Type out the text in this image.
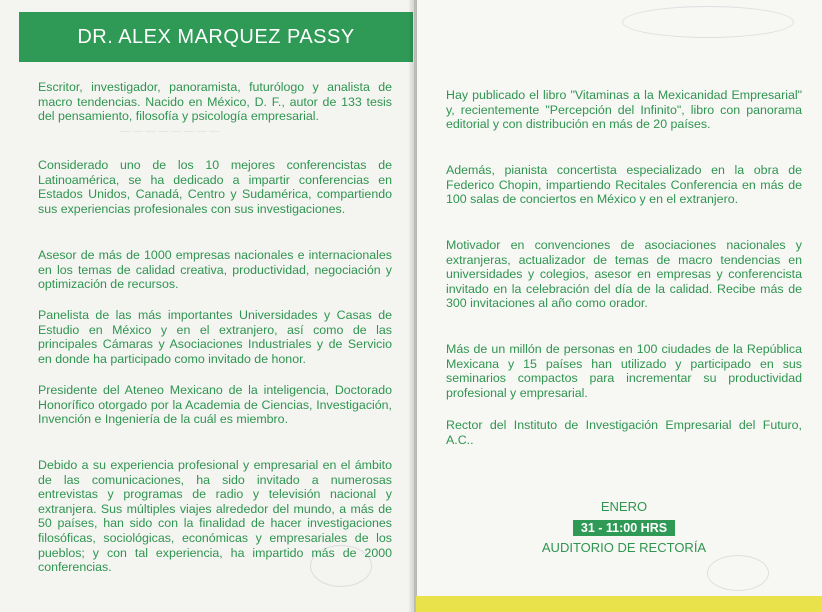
DR. ALEX MARQUEZ PASSY
— — — — — — — —

Escritor, investigador, panoramista, futurólogo y analista de macro tendencias. Nacido en México, D. F., autor de 133 tesis del pensamiento, filosofía y psicología empresarial.

Considerado uno de los 10 mejores conferencistas de Latinoamérica, se ha dedicado a impartir conferencias en Estados Unidos, Canadá, Centro y Sudamérica, compartiendo sus experiencias profesionales con sus investigaciones.

Asesor de más de 1000 empresas nacionales e internacionales en los temas de calidad creativa, productividad, negociación y optimización de recursos.

Panelista de las más importantes Universidades y Casas de Estudio en México y en el extranjero, así como de las principales Cámaras y Asociaciones Industriales y de Servicio en donde ha participado como invitado de honor.

Presidente del Ateneo Mexicano de la inteligencia, Doctorado Honorífico otorgado por la Academia de Ciencias, Investigación, Invención e Ingeniería de la cuál es miembro.

Debido a su experiencia profesional y empresarial en el ámbito de las comunicaciones, ha sido invitado a numerosas entrevistas y programas de radio y televisión nacional y extranjera. Sus múltiples viajes alrededor del mundo, a más de 50 países, han sido con la finalidad de hacer investigaciones filosóficas, sociológicas, económicas y empresariales de los pueblos; y con tal experiencia, ha impartido más de 2000 conferencias.

Hay publicado el libro "Vitaminas a la Mexicanidad Empresarial" y, recientemente "Percepción del Infinito", libro con panorama editorial y con distribución en más de 20 países.

Además, pianista concertista especializado en la obra de Federico Chopin, impartiendo Recitales Conferencia en más de 100 salas de conciertos en México y en el extranjero.

Motivador en convenciones de asociaciones nacionales y extranjeras, actualizador de temas de macro tendencias en universidades y colegios, asesor en empresas y conferencista invitado en la celebración del día de la calidad. Recibe más de 300 invitaciones al año como orador.

Más de un millón de personas en 100 ciudades de la República Mexicana y 15 países han utilizado y participado en sus seminarios compactos para incrementar su productividad profesional y empresarial.

Rector del Instituto de Investigación Empresarial del Futuro, A.C..

ENERO
31 - 11:00 HRS
AUDITORIO DE RECTORÍA
